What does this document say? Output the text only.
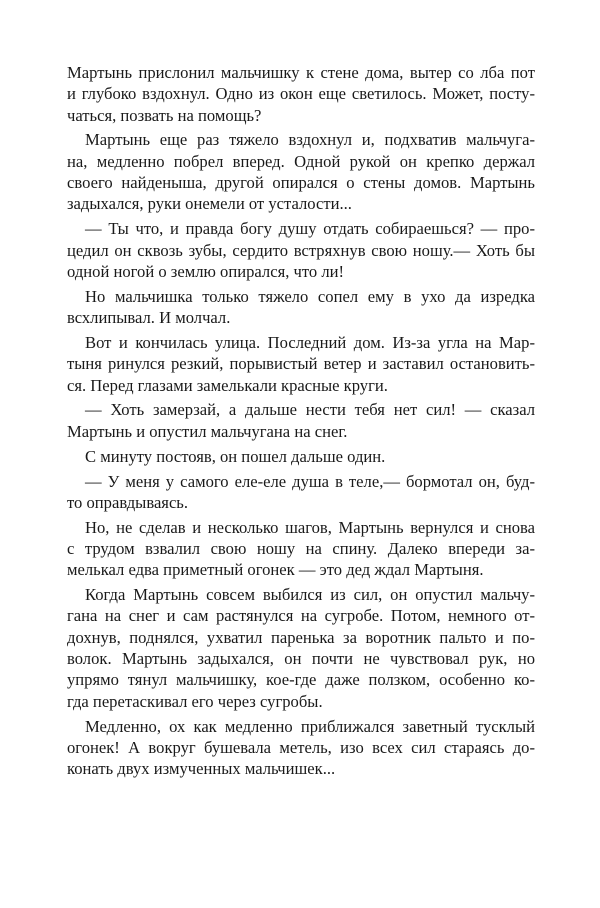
Мартынь прислонил мальчишку к стене дома, вытер со лба пот
и глубоко вздохнул. Одно из окон еще светилось. Может, посту-
чаться, позвать на помощь?
Мартынь еще раз тяжело вздохнул и, подхватив мальчуга-
на, медленно побрел вперед. Одной рукой он крепко держал
своего найденыша, другой опирался о стены домов. Мартынь
задыхался, руки онемели от усталости...
— Ты что, и правда богу душу отдать собираешься? — про-
цедил он сквозь зубы, сердито встряхнув свою ношу.— Хоть бы
одной ногой о землю опирался, что ли!
Но мальчишка только тяжело сопел ему в ухо да изредка
всхлипывал. И молчал.
Вот и кончилась улица. Последний дом. Из-за угла на Мар-
тыня ринулся резкий, порывистый ветер и заставил остановить-
ся. Перед глазами замелькали красные круги.
— Хоть замерзай, а дальше нести тебя нет сил! — сказал
Мартынь и опустил мальчугана на снег.
С минуту постояв, он пошел дальше один.
— У меня у самого еле-еле душа в теле,— бормотал он, буд-
то оправдываясь.
Но, не сделав и несколько шагов, Мартынь вернулся и снова
с трудом взвалил свою ношу на спину. Далеко впереди за-
мелькал едва приметный огонек — это дед ждал Мартыня.
Когда Мартынь совсем выбился из сил, он опустил мальчу-
гана на снег и сам растянулся на сугробе. Потом, немного от-
дохнув, поднялся, ухватил паренька за воротник пальто и по-
волок. Мартынь задыхался, он почти не чувствовал рук, но
упрямо тянул мальчишку, кое-где даже ползком, особенно ко-
гда перетаскивал его через сугробы.
Медленно, ох как медленно приближался заветный тусклый
огонек! А вокруг бушевала метель, изо всех сил стараясь до-
конать двух измученных мальчишек...
